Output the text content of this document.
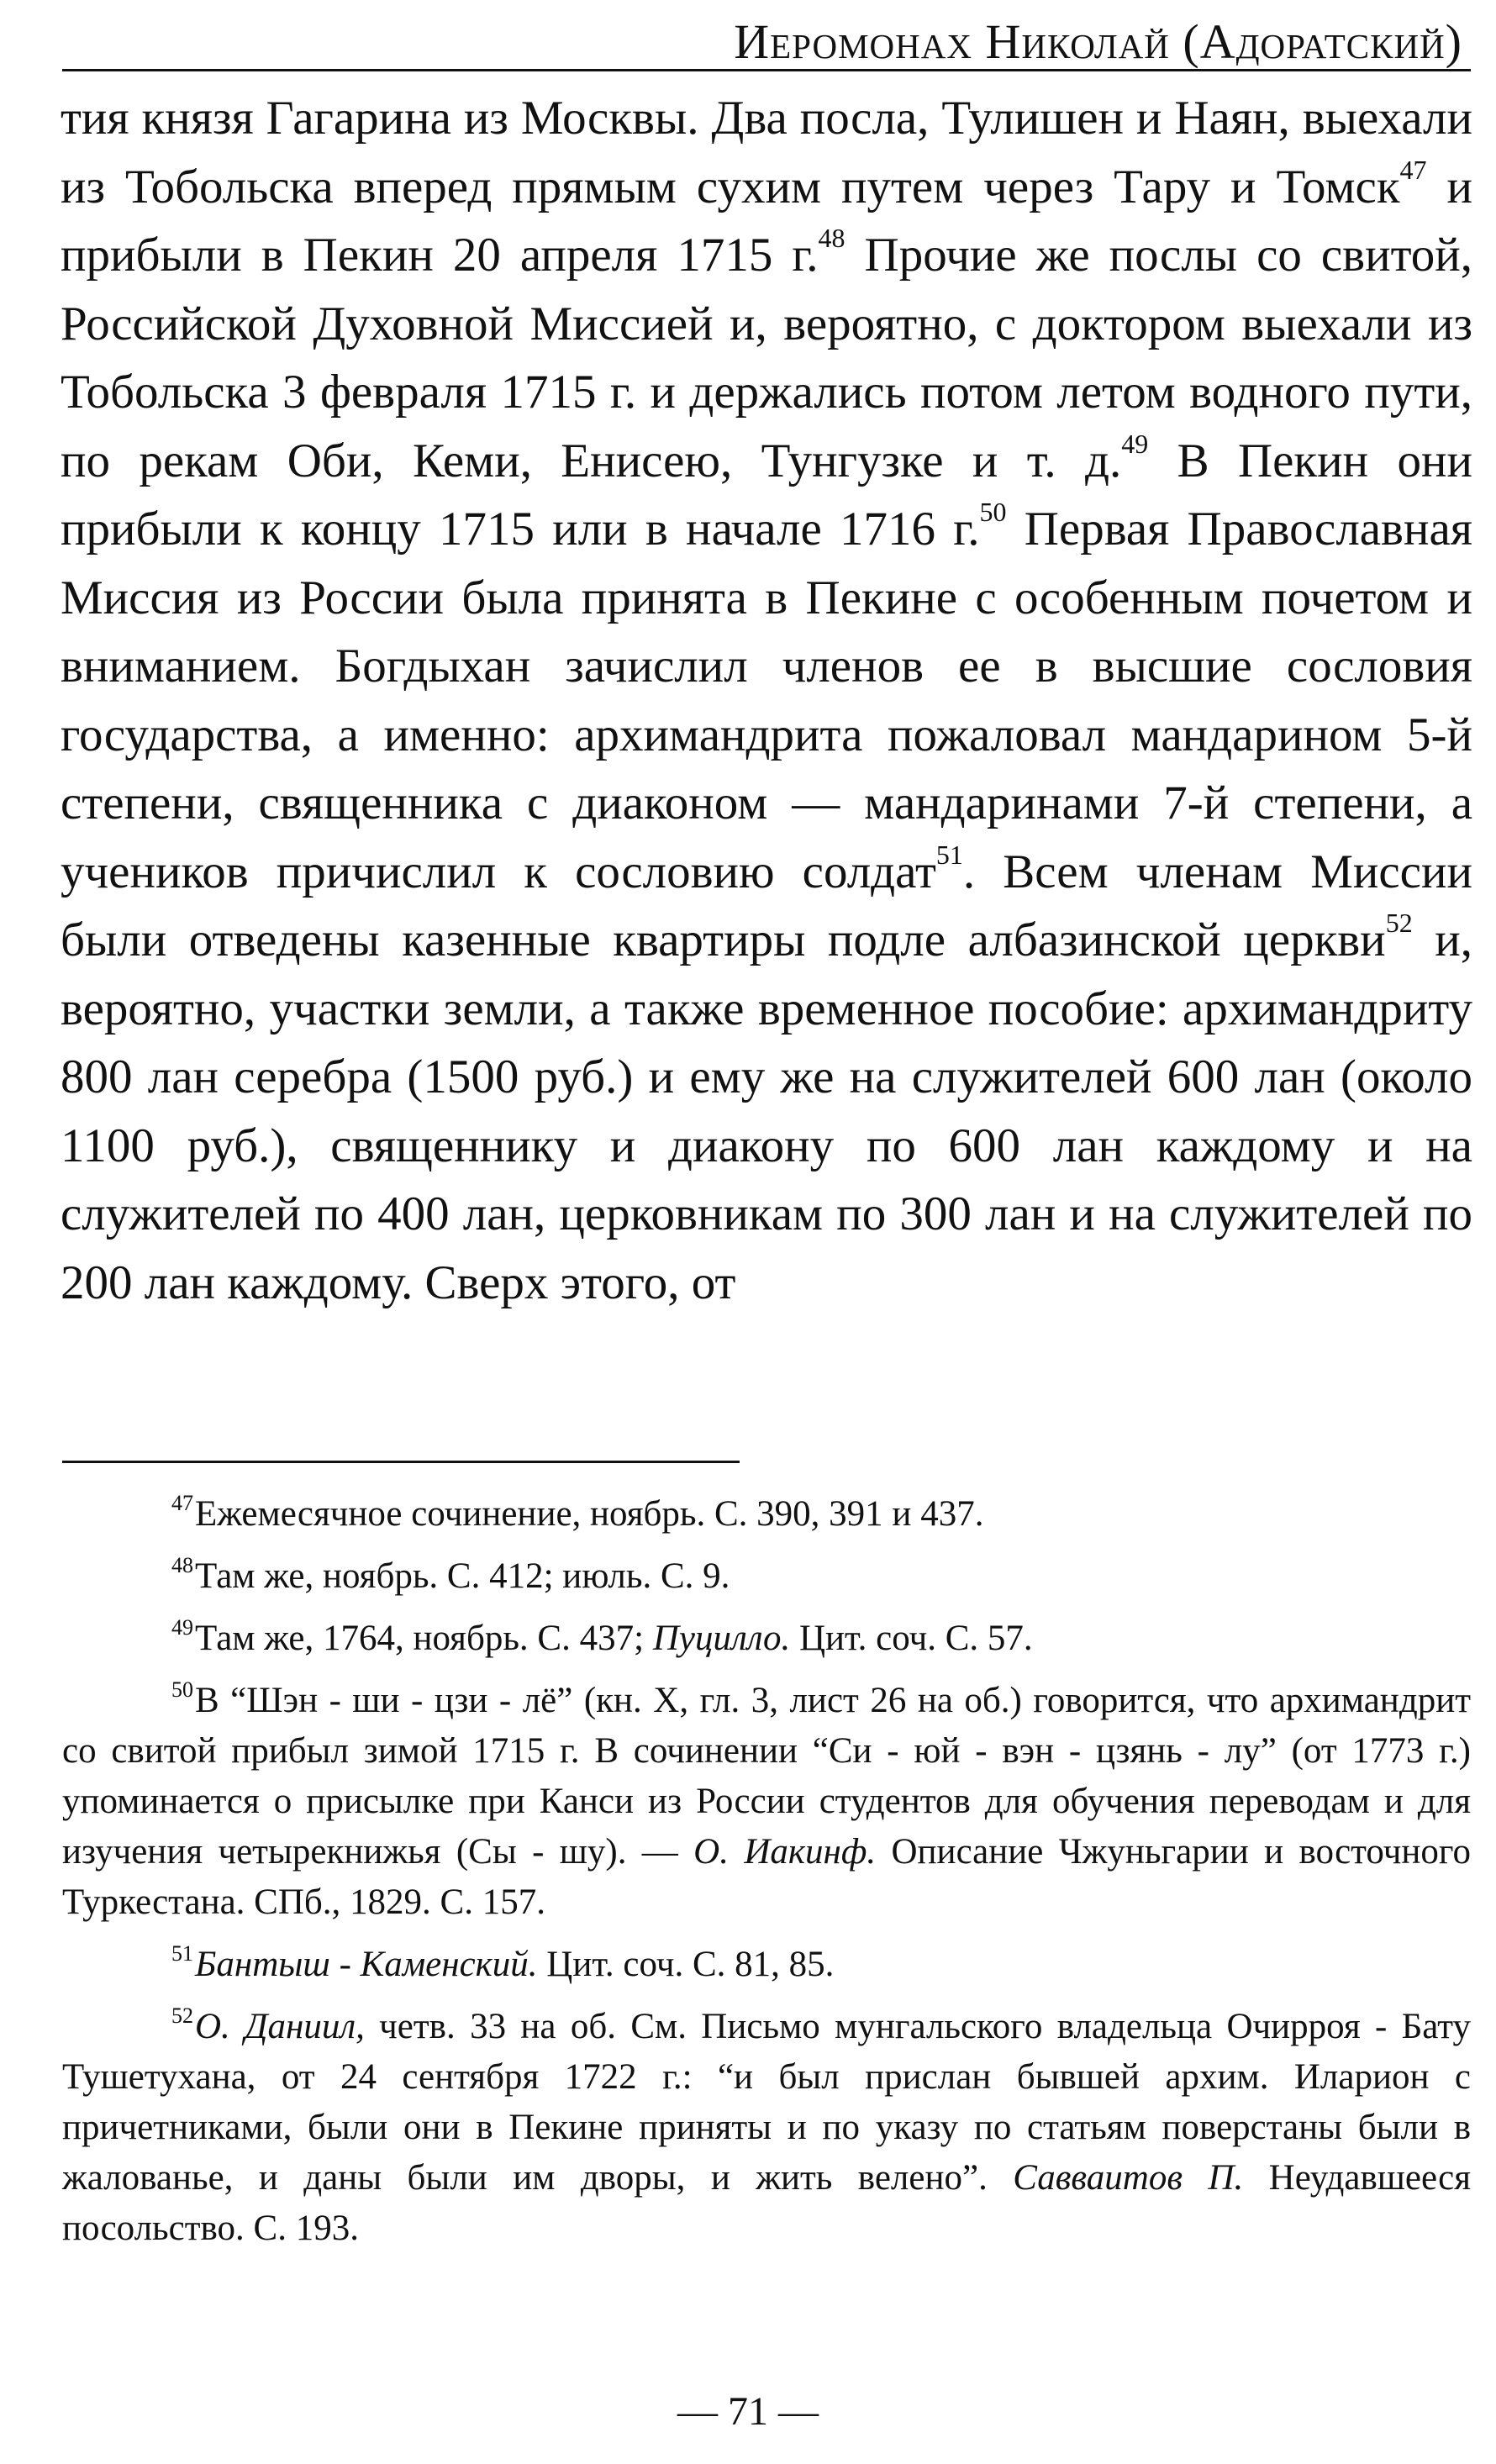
Иеромонах Николай (Адоратский)

тия князя Гагарина из Москвы. Два посла, Тулишен и Наян, выехали из Тобольска вперед прямым сухим путем через Тару и Томск$^{47}$ и прибыли в Пекин 20 апреля 1715 г.$^{48}$ Прочие же послы со свитой, Российской Духовной Миссией и, вероятно, с доктором выехали из Тобольска 3 февраля 1715 г. и держались потом летом водного пути, по рекам Оби, Кеми, Енисею, Тунгузке и т. д.$^{49}$ В Пекин они прибыли к концу 1715 или в начале 1716 г.$^{50}$ Первая Православная Миссия из России была принята в Пекине с особенным почетом и вниманием. Богдыхан зачислил членов ее в высшие сословия государства, а именно: архимандрита пожаловал мандарином 5-й степени, священника с диаконом — мандаринами 7-й степени, а учеников причислил к сословию солдат$^{51}$. Всем членам Миссии были отведены казенные квартиры подле албазинской церкви$^{52}$ и, вероятно, участки земли, а также временное пособие: архимандриту 800 лан серебра (1500 руб.) и ему же на служителей 600 лан (около 1100 руб.), священнику и диакону по 600 лан каждому и на служителей по 400 лан, церковникам по 300 лан и на служителей по 200 лан каждому. Сверх этого, от

$^{47}$Ежемесячное сочинение, ноябрь. С. 390, 391 и 437.

$^{48}$Там же, ноябрь. С. 412; июль. С. 9.

$^{49}$Там же, 1764, ноябрь. С. 437; Пуцилло. Цит. соч. С. 57.

$^{50}$В “Шэн - ши - цзи - лё” (кн. X, гл. 3, лист 26 на об.) говорится, что архимандрит со свитой прибыл зимой 1715 г. В сочинении “Си - юй - вэн - цзянь - лу” (от 1773 г.) упоминается о присылке при Канси из России студентов для обучения переводам и для изучения четырекнижья (Сы - шу). — О. Иакинф. Описание Чжуньгарии и восточного Туркестана. СПб., 1829. С. 157.

$^{51}$Бантыш - Каменский. Цит. соч. С. 81, 85.

$^{52}$О. Даниил, четв. 33 на об. См. Письмо мунгальского владельца Очирроя - Бату Тушетухана, от 24 сентября 1722 г.: “и был прислан бывшей архим. Иларион с причетниками, были они в Пекине приняты и по указу по статьям поверстаны были в жалованье, и даны были им дворы, и жить велено”. Савваитов П. Неудавшееся посольство. С. 193.

— 71 —
